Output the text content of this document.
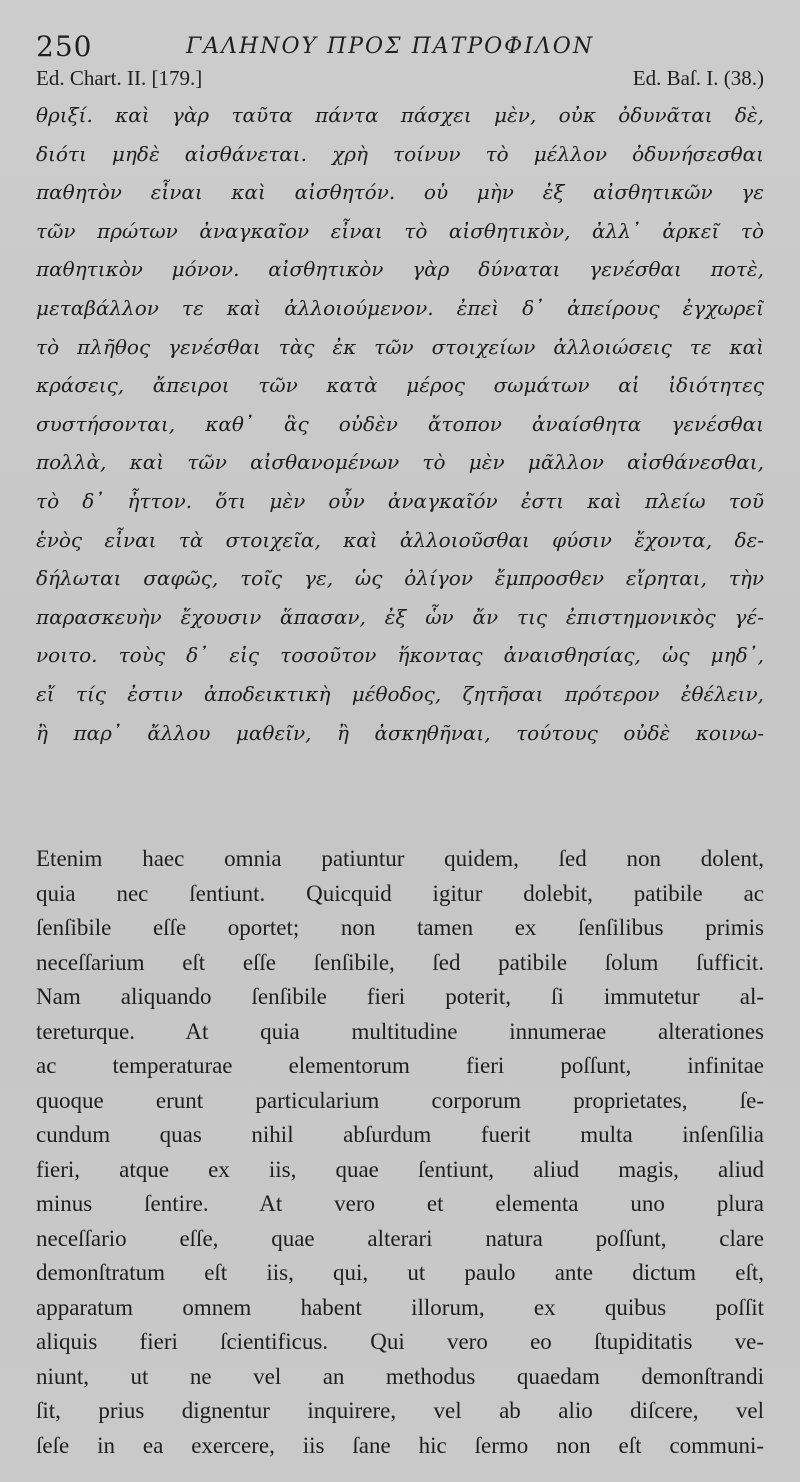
250	ΓΑΛΗΝΟΥ ΠΡΟΣ ΠΑΤΡΟΦΙΛΟΝ
Ed. Chart. II. [179.]	Ed. Baſ. I. (38.)
θριξί. καὶ γὰρ ταῦτα πάντα πάσχει μὲν, οὐκ ὀδυνᾶται δὲ,
διότι μηδὲ αἰσθάνεται. χρὴ τοίνυν τὸ μέλλον ὀδυνήσεσθαι
παθητὸν εἶναι καὶ αἰσθητόν. οὐ μὴν ἐξ αἰσθητικῶν γε
τῶν πρώτων ἀναγκαῖον εἶναι τὸ αἰσθητικὸν, ἀλλ᾽ ἀρκεῖ τὸ
παθητικὸν μόνον. αἰσθητικὸν γὰρ δύναται γενέσθαι ποτὲ,
μεταβάλλον τε καὶ ἀλλοιούμενον. ἐπεὶ δ᾽ ἀπείρους ἐγχωρεῖ
τὸ πλῆθος γενέσθαι τὰς ἐκ τῶν στοιχείων ἀλλοιώσεις τε καὶ
κράσεις, ἄπειροι τῶν κατὰ μέρος σωμάτων αἱ ἰδιότητες
συστήσονται, καθ᾽ ἃς οὐδὲν ἄτοπον ἀναίσθητα γενέσθαι
πολλὰ, καὶ τῶν αἰσθανομένων τὸ μὲν μᾶλλον αἰσθάνεσθαι,
τὸ δ᾽ ἧττον. ὅτι μὲν οὖν ἀναγκαῖόν ἐστι καὶ πλείω τοῦ
ἑνὸς εἶναι τὰ στοιχεῖα, καὶ ἀλλοιοῦσθαι φύσιν ἔχοντα, δε-
δήλωται σαφῶς, τοῖς γε, ὡς ὀλίγον ἔμπροσθεν εἴρηται, τὴν
παρασκευὴν ἔχουσιν ἅπασαν, ἐξ ὧν ἄν τις ἐπιστημονικὸς γέ-
νοιτο. τοὺς δ᾽ εἰς τοσοῦτον ἥκοντας ἀναισθησίας, ὡς μηδ᾽,
εἴ τίς ἐστιν ἀποδεικτικὴ μέθοδος, ζητῆσαι πρότερον ἐθέλειν,
ἢ παρ᾽ ἄλλου μαθεῖν, ἢ ἀσκηθῆναι, τούτους οὐδὲ κοινω-
Etenim haec omnia patiuntur quidem, ſed non dolent,
quia nec ſentiunt. Quicquid igitur dolebit, patibile ac
ſenſibile eſſe oportet; non tamen ex ſenſilibus primis
neceſſarium eſt eſſe ſenſibile, ſed patibile ſolum ſufficit.
Nam aliquando ſenſibile fieri poterit, ſi immutetur al-
tereturque. At quia multitudine innumerae alterationes
ac temperaturae elementorum fieri poſſunt, infinitae
quoque erunt particularium corporum proprietates, ſe-
cundum quas nihil abſurdum fuerit multa inſenſilia
fieri, atque ex iis, quae ſentiunt, aliud magis, aliud
minus ſentire. At vero et elementa uno plura
neceſſario eſſe, quae alterari natura poſſunt, clare
demonſtratum eſt iis, qui, ut paulo ante dictum eſt,
apparatum omnem habent illorum, ex quibus poſſit
aliquis fieri ſcientificus. Qui vero eo ſtupiditatis ve-
niunt, ut ne vel an methodus quaedam demonſtrandi
ſit, prius dignentur inquirere, vel ab alio diſcere, vel
ſeſe in ea exercere, iis ſane hic ſermo non eſt communi-
